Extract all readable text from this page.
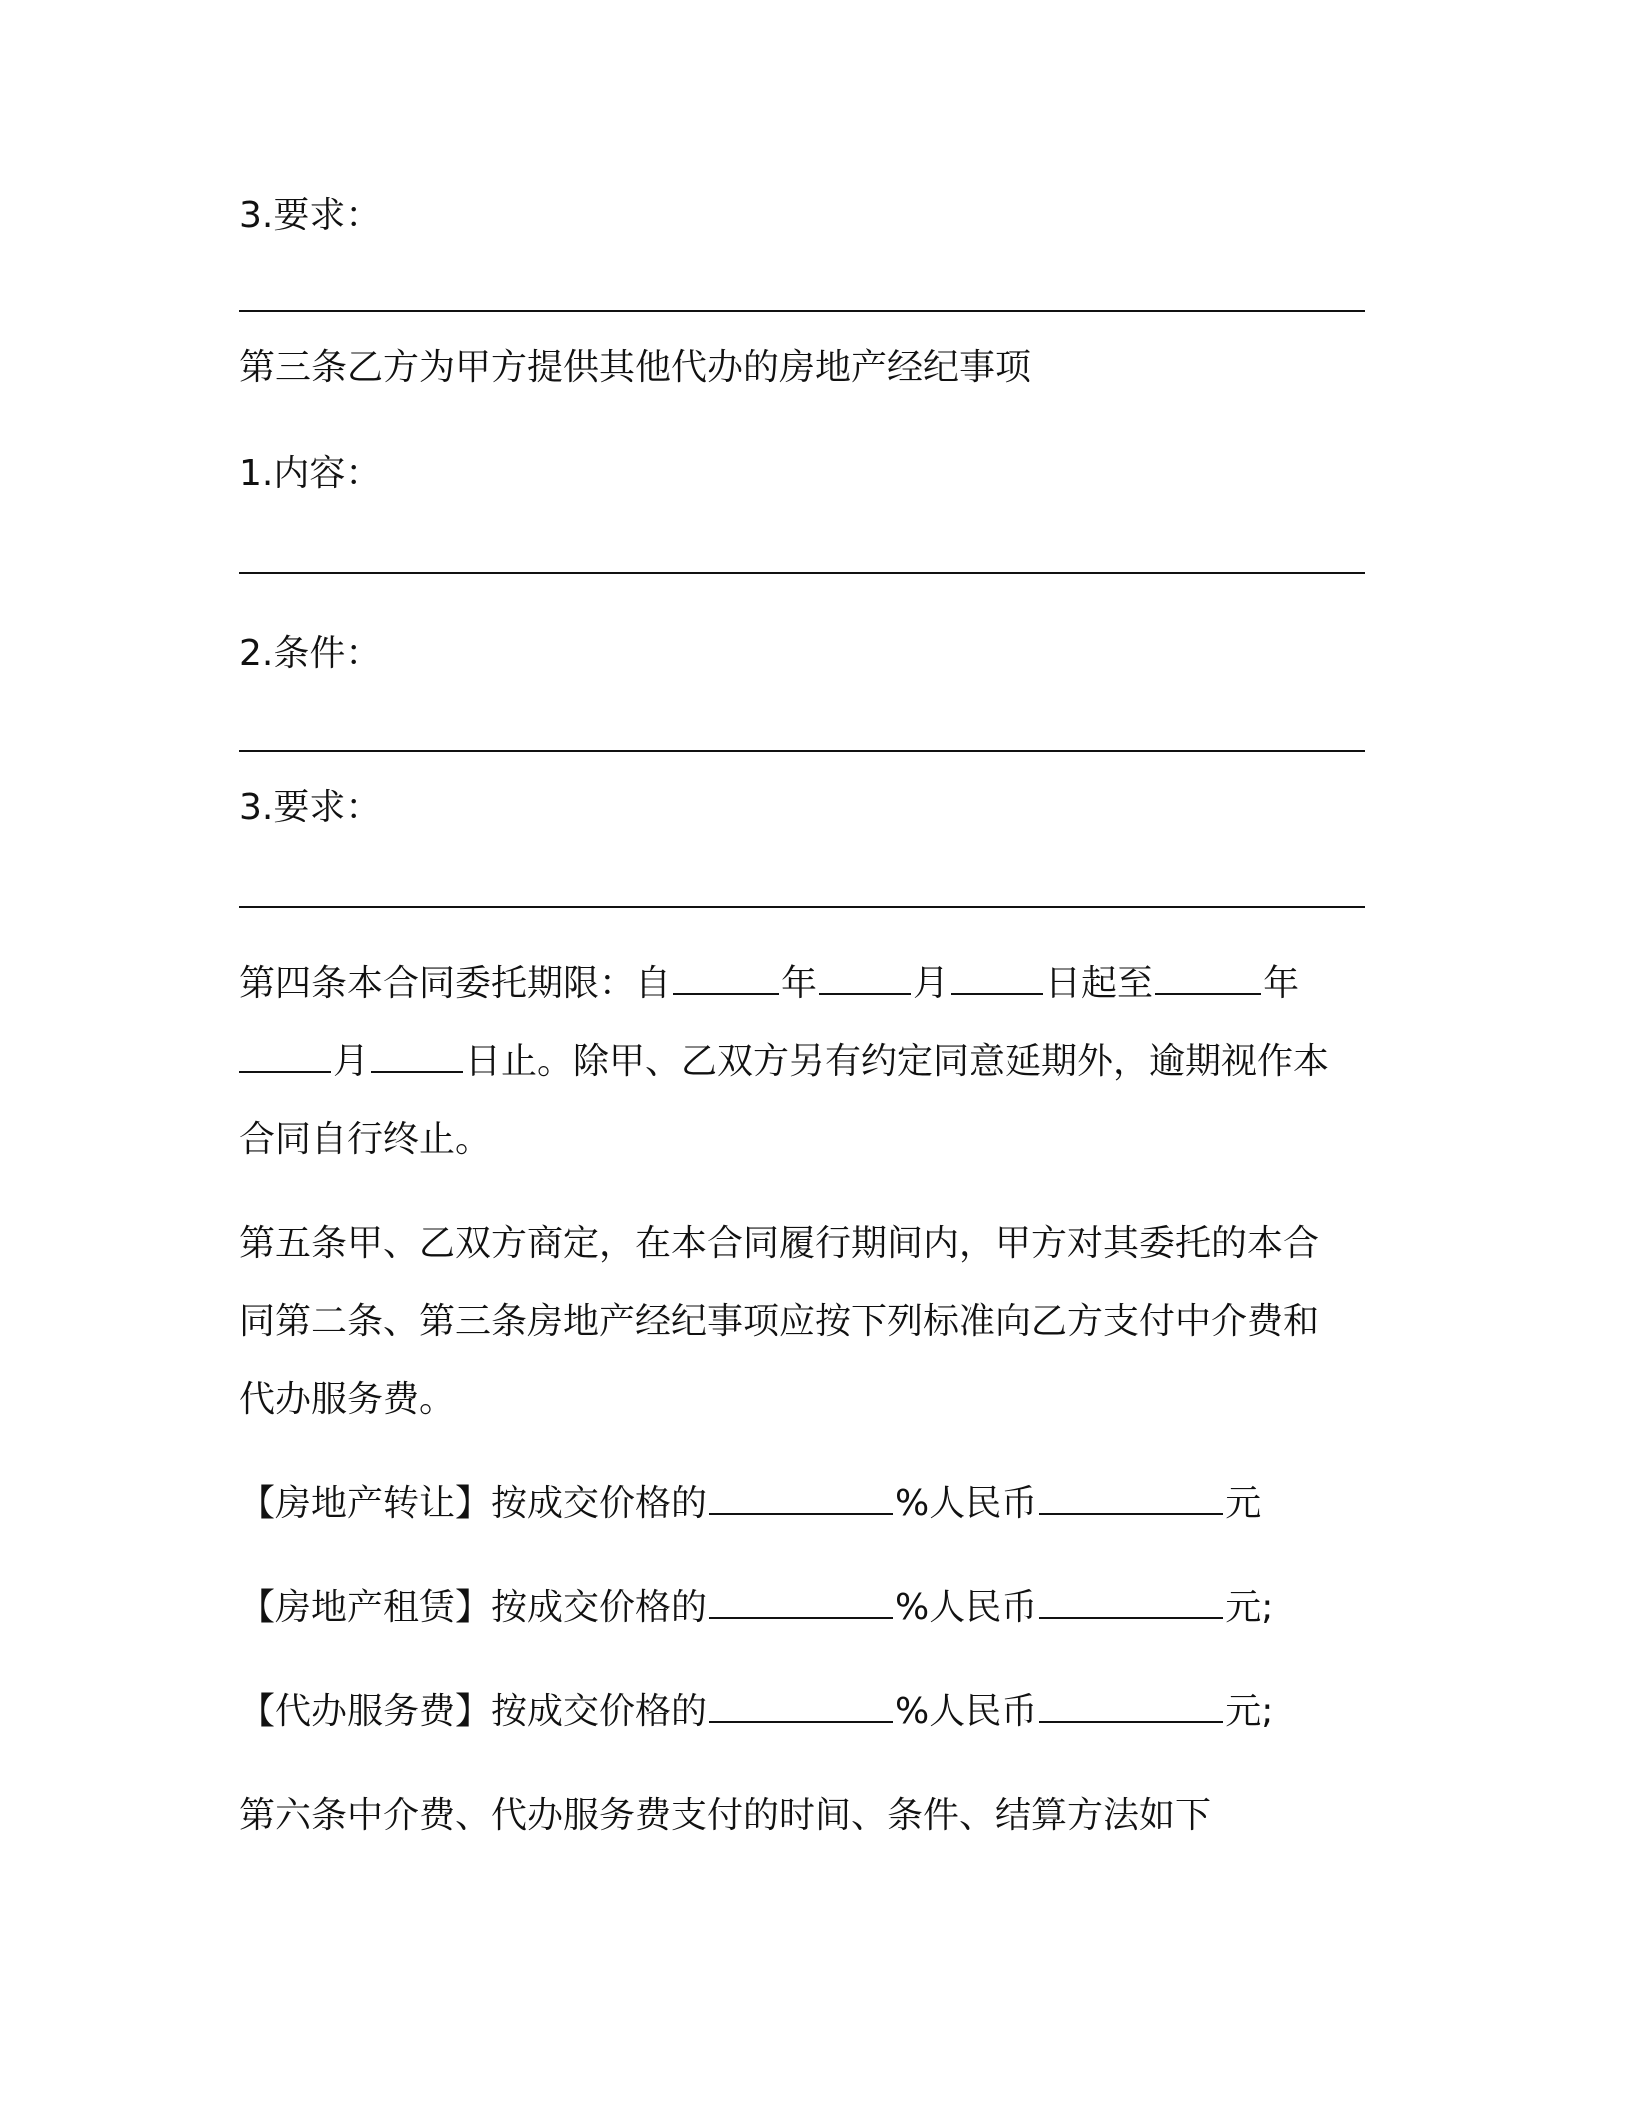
3.要求：
第三条乙方为甲方提供其他代办的房地产经纪事项
1.内容：
2.条件：
3.要求：
第四条本合同委托期限：自	年	月	日起至	年
月	日止。除甲、乙双方另有约定同意延期外，逾期视作本
合同自行终止。
第五条甲、乙双方商定，在本合同履行期间内，甲方对其委托的本合
同第二条、第三条房地产经纪事项应按下列标准向乙方支付中介费和
代办服务费。
【房地产转让】按成交价格的	%人民币	元
【房地产租赁】按成交价格的	%人民币	元;
【代办服务费】按成交价格的	%人民币	元;
第六条中介费、代办服务费支付的时间、条件、结算方法如下
